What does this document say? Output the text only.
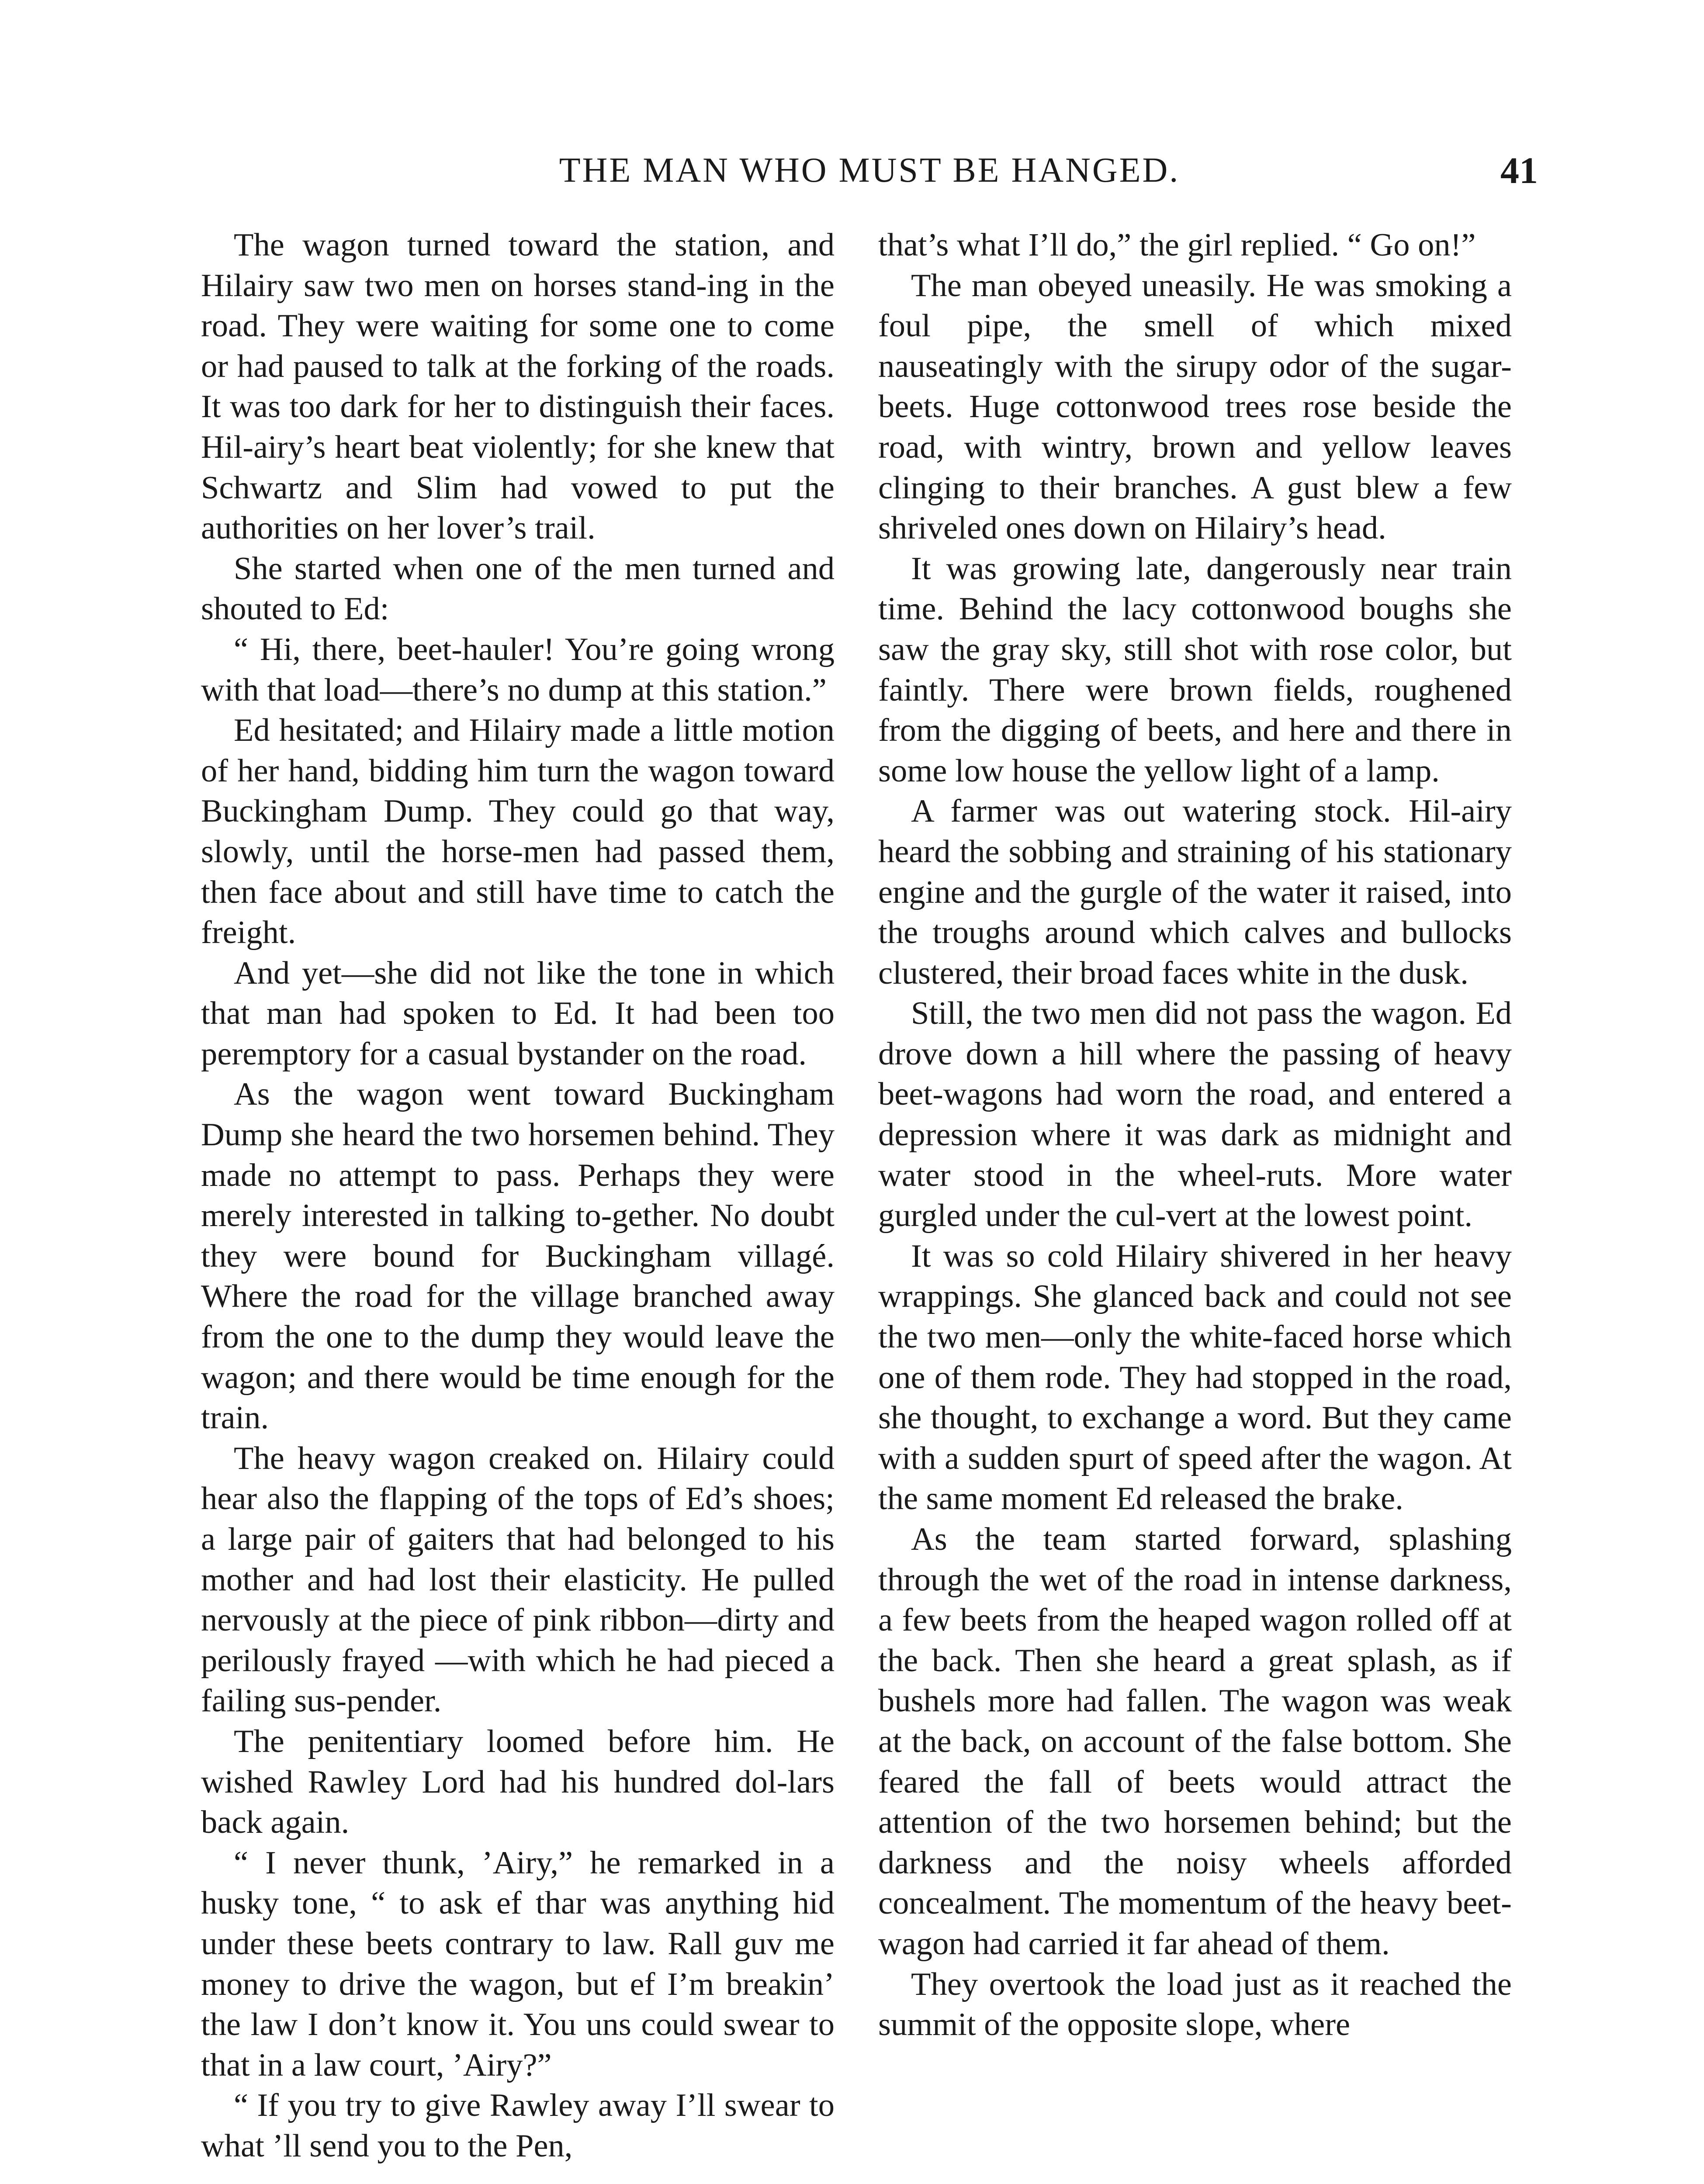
THE MAN WHO MUST BE HANGED.	41

The wagon turned toward the station, and Hilairy saw two men on horses stand-ing in the road. They were waiting for some one to come or had paused to talk at the forking of the roads. It was too dark for her to distinguish their faces. Hil-airy’s heart beat violently; for she knew that Schwartz and Slim had vowed to put the authorities on her lover’s trail.

She started when one of the men turned and shouted to Ed:

“ Hi, there, beet-hauler! You’re going wrong with that load—there’s no dump at this station.”

Ed hesitated; and Hilairy made a little motion of her hand, bidding him turn the wagon toward Buckingham Dump. They could go that way, slowly, until the horse-men had passed them, then face about and still have time to catch the freight.

And yet—she did not like the tone in which that man had spoken to Ed. It had been too peremptory for a casual bystander on the road.

As the wagon went toward Buckingham Dump she heard the two horsemen behind. They made no attempt to pass. Perhaps they were merely interested in talking to-gether. No doubt they were bound for Buckingham villagé. Where the road for the village branched away from the one to the dump they would leave the wagon; and there would be time enough for the train.

The heavy wagon creaked on. Hilairy could hear also the flapping of the tops of Ed’s shoes; a large pair of gaiters that had belonged to his mother and had lost their elasticity. He pulled nervously at the piece of pink ribbon—dirty and perilously frayed —with which he had pieced a failing sus-pender.

The penitentiary loomed before him. He wished Rawley Lord had his hundred dol-lars back again.

“ I never thunk, ’Airy,” he remarked in a husky tone, “ to ask ef thar was anything hid under these beets contrary to law. Rall guv me money to drive the wagon, but ef I’m breakin’ the law I don’t know it. You uns could swear to that in a law court, ’Airy?”

“ If you try to give Rawley away I’ll swear to what ’ll send you to the Pen,

that’s what I’ll do,” the girl replied. “ Go on!”

The man obeyed uneasily. He was smoking a foul pipe, the smell of which mixed nauseatingly with the sirupy odor of the sugar-beets. Huge cottonwood trees rose beside the road, with wintry, brown and yellow leaves clinging to their branches. A gust blew a few shriveled ones down on Hilairy’s head.

It was growing late, dangerously near train time. Behind the lacy cottonwood boughs she saw the gray sky, still shot with rose color, but faintly. There were brown fields, roughened from the digging of beets, and here and there in some low house the yellow light of a lamp.

A farmer was out watering stock. Hil-airy heard the sobbing and straining of his stationary engine and the gurgle of the water it raised, into the troughs around which calves and bullocks clustered, their broad faces white in the dusk.

Still, the two men did not pass the wagon. Ed drove down a hill where the passing of heavy beet-wagons had worn the road, and entered a depression where it was dark as midnight and water stood in the wheel-ruts. More water gurgled under the cul-vert at the lowest point.

It was so cold Hilairy shivered in her heavy wrappings. She glanced back and could not see the two men—only the white-faced horse which one of them rode. They had stopped in the road, she thought, to exchange a word. But they came with a sudden spurt of speed after the wagon. At the same moment Ed released the brake.

As the team started forward, splashing through the wet of the road in intense darkness, a few beets from the heaped wagon rolled off at the back. Then she heard a great splash, as if bushels more had fallen. The wagon was weak at the back, on account of the false bottom. She feared the fall of beets would attract the attention of the two horsemen behind; but the darkness and the noisy wheels afforded concealment. The momentum of the heavy beet-wagon had carried it far ahead of them.

They overtook the load just as it reached the summit of the opposite slope, where
